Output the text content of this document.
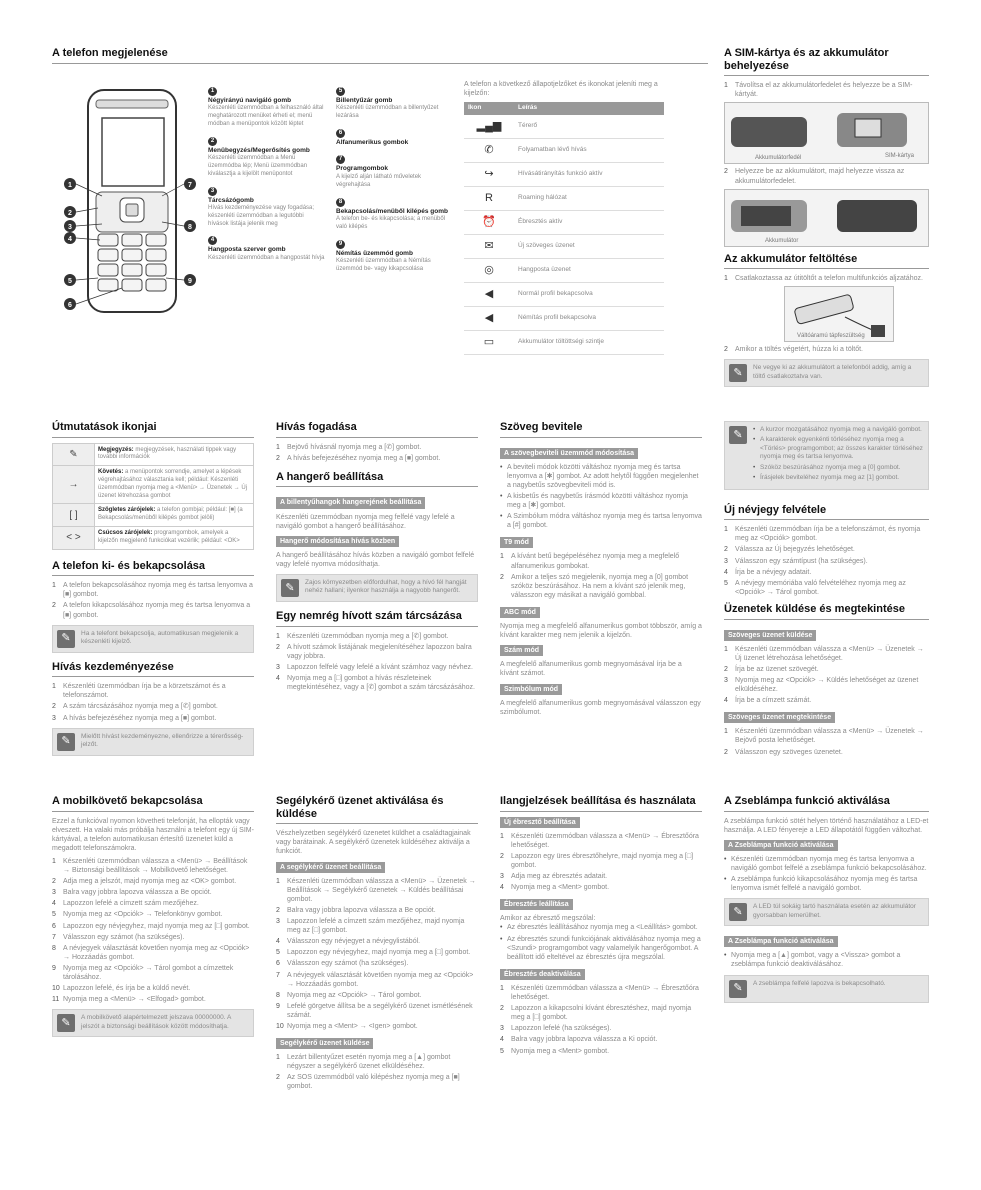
A telefon megjelenése
1
2
3
4
5
6
7
8
9
1
Négyirányú navigáló gomb
Készenléti üzemmódban a felhasználó által meghatározott menüket érheti el; menü módban a menüpontok között léptet
2
Menübegyzés/Megerősítés gomb
Készenléti üzemmódban a Menü üzemmódba lép; Menü üzemmódban kiválasztja a kijelölt menüpontot
3
Tárcsázógomb
Hívás kezdeményezése vagy fogadása; készenléti üzemmódban a legutóbbi hívások listája jelenik meg
4
Hangposta szerver gomb
Készenléti üzemmódban a hangpostát hívja
5
Billentyűzár gomb
Készenléti üzemmódban a billentyűzet lezárása
6
Alfanumerikus gombok
7
Programgombok
A kijelző alján látható műveletek végrehajtása
8
Bekapcsolás/menüből kilépés gomb
A telefon be- és kikapcsolása; a menüből való kilépés
9
Némítás üzemmód gomb
Készenléti üzemmódban a Némítás üzemmód be- vagy kikapcsolása
A telefon a következő állapotjelzőket és ikonokat jeleníti meg a kijelzőn:
Ikon	Leírás
▂▄▆	Térerő
✆	Folyamatban lévő hívás
↪	Hívásátirányítás funkció aktív
R	Roaming hálózat
⏰	Ébresztés aktív
✉	Új szöveges üzenet
◎	Hangposta üzenet
◀	Normál profil bekapcsolva
◀	Némítás profil bekapcsolva
▭	Akkumulátor töltöttségi szintje
A SIM-kártya és az akkumulátor behelyezése
1	Távolítsa el az akkumulátorfedelet és helyezze be a SIM-kártyát.
Akkumulátorfedél	SIM-kártya
2	Helyezze be az akkumulátort, majd helyezze vissza az akkumulátorfedelet.
Akkumulátor
Az akkumulátor feltöltése
1	Csatlakoztassa az útitöltőt a telefon multifunkciós aljzatához.
Váltóáramú tápfeszültség
2	Amikor a töltés végetért, húzza ki a töltőt.
✎	Ne vegye ki az akkumulátort a telefonból addig, amíg a töltő csatlakoztatva van.
Útmutatások ikonjai
✎	Megjegyzés: megjegyzések, használati tippek vagy további információk
→	Követés: a menüpontok sorrendje, amelyet a lépések végrehajtásához választania kell; például: Készenléti üzemmódban nyomja meg a <Menü> → Üzenetek → Új üzenet létrehozása gombot
[ ]	Szögletes zárójelek: a telefon gombjai; például: [■] (a Bekapcsolás/menüből kilépés gombot jelöli)
< >	Csúcsos zárójelek: programgombok, amelyek a kijelzőn megjelenő funkciókat vezérlik; például: <OK>
A telefon ki- és bekapcsolása
1	A telefon bekapcsolásához nyomja meg és tartsa lenyomva a [■] gombot.
2	A telefon kikapcsolásához nyomja meg és tartsa lenyomva a [■] gombot.
✎	Ha a telefont bekapcsolja, automatikusan megjelenik a készenléti kijelző.
Hívás kezdeményezése
1	Készenléti üzemmódban írja be a körzetszámot és a telefonszámot.
2	A szám tárcsázásához nyomja meg a [✆] gombot.
3	A hívás befejezéséhez nyomja meg a [■] gombot.
✎	Mielőtt hívást kezdeményezne, ellenőrizze a térerősség-jelzőt.
Hívás fogadása
1	Bejövő hívásnál nyomja meg a [✆] gombot.
2	A hívás befejezéséhez nyomja meg a [■] gombot.
A hangerő beállítása
A billentyűhangok hangerejének beállítása
Készenléti üzemmódban nyomja meg felfelé vagy lefelé a navigáló gombot a hangerő beállításához.
Hangerő módosítása hívás közben
A hangerő beállításához hívás közben a navigáló gombot felfelé vagy lefelé nyomva módosíthatja.
✎	Zajos környezetben előfordulhat, hogy a hívó fél hangját nehéz hallani; ilyenkor használja a nagyobb hangerőt.
Egy nemrég hívott szám tárcsázása
1	Készenléti üzemmódban nyomja meg a [✆] gombot.
2	A hívott számok listájának megjelenítéséhez lapozzon balra vagy jobbra.
3	Lapozzon felfelé vagy lefelé a kívánt számhoz vagy névhez.
4	Nyomja meg a [□] gombot a hívás részleteinek megtekintéséhez, vagy a [✆] gombot a szám tárcsázásához.
Szöveg bevitele
A szövegbeviteli üzemmód módosítása
• A beviteli módok közötti váltáshoz nyomja meg és tartsa lenyomva a [✱] gombot. Az adott helytől függően megjelenhet a nagybetűs szövegbeviteli mód is.
• A kisbetűs és nagybetűs írásmód közötti váltáshoz nyomja meg a [✱] gombot.
• A Szimbólum módra váltáshoz nyomja meg és tartsa lenyomva a [#] gombot.
T9 mód
1	A kívánt betű begépeléséhez nyomja meg a megfelelő alfanumerikus gombokat.
2	Amikor a teljes szó megjelenik, nyomja meg a [0] gombot szóköz beszúrásához. Ha nem a kívánt szó jelenik meg, válasszon egy másikat a navigáló gombbal.
ABC mód
Nyomja meg a megfelelő alfanumerikus gombot többször, amíg a kívánt karakter meg nem jelenik a kijelzőn.
Szám mód
A megfelelő alfanumerikus gomb megnyomásával írja be a kívánt számot.
Szimbólum mód
A megfelelő alfanumerikus gomb megnyomásával válasszon egy szimbólumot.
✎	• A kurzor mozgatásához nyomja meg a navigáló gombot.
• A karakterek egyenkénti törléséhez nyomja meg a <Törlés> programgombot; az összes karakter törléséhez nyomja meg és tartsa lenyomva.
• Szóköz beszúrásához nyomja meg a [0] gombot.
• Írásjelek beviteléhez nyomja meg az [1] gombot.
Új névjegy felvétele
1	Készenléti üzemmódban írja be a telefonszámot, és nyomja meg az <Opciók> gombot.
2	Válassza az Új bejegyzés lehetőséget.
3	Válasszon egy számtípust (ha szükséges).
4	Írja be a névjegy adatait.
5	A névjegy memóriába való felvételéhez nyomja meg az <Opciók> → Tárol gombot.
Üzenetek küldése és megtekintése
Szöveges üzenet küldése
1	Készenléti üzemmódban válassza a <Menü> → Üzenetek → Új üzenet létrehozása lehetőséget.
2	Írja be az üzenet szövegét.
3	Nyomja meg az <Opciók> → Küldés lehetőséget az üzenet elküldéséhez.
4	Írja be a címzett számát.
Szöveges üzenet megtekintése
1	Készenléti üzemmódban válassza a <Menü> → Üzenetek → Bejövő posta lehetőséget.
2	Válasszon egy szöveges üzenetet.
A mobilkövető bekapcsolása
Ezzel a funkcióval nyomon követheti telefonját, ha ellopták vagy elveszett. Ha valaki más próbálja használni a telefont egy új SIM-kártyával, a telefon automatikusan értesítő üzenetet küld a megadott telefonszámokra.
1	Készenléti üzemmódban válassza a <Menü> → Beállítások → Biztonsági beállítások → Mobilkövető lehetőséget.
2	Adja meg a jelszót, majd nyomja meg az <OK> gombot.
3	Balra vagy jobbra lapozva válassza a Be opciót.
4	Lapozzon lefelé a címzett szám mezőjéhez.
5	Nyomja meg az <Opciók> → Telefonkönyv gombot.
6	Lapozzon egy névjegyhez, majd nyomja meg az [□] gombot.
7	Válasszon egy számot (ha szükséges).
8	A névjegyek választását követően nyomja meg az <Opciók> → Hozzáadás gombot.
9	Nyomja meg az <Opciók> → Tárol gombot a címzettek tárolásához.
10 Lapozzon lefelé, és írja be a küldő nevét.
11 Nyomja meg a <Menü> → <Elfogad> gombot.
✎	A mobilkövető alapértelmezett jelszava 00000000. A jelszót a biztonsági beállítások között módosíthatja.
Segélykérő üzenet aktiválása és küldése
Vészhelyzetben segélykérő üzenetet küldhet a családtagjainak vagy barátainak. A segélykérő üzenetek küldéséhez aktiválja a funkciót.
A segélykérő üzenet beállítása
1	Készenléti üzemmódban válassza a <Menü> → Üzenetek → Beállítások → Segélykérő üzenetek → Küldés beállításai gombot.
2	Balra vagy jobbra lapozva válassza a Be opciót.
3	Lapozzon lefelé a címzett szám mezőjéhez, majd nyomja meg az [□] gombot.
4	Válasszon egy névjegyet a névjegylistából.
5	Lapozzon egy névjegyhez, majd nyomja meg a [□] gombot.
6	Válasszon egy számot (ha szükséges).
7	A névjegyek választását követően nyomja meg az <Opciók> → Hozzáadás gombot.
8	Nyomja meg az <Opciók> → Tárol gombot.
9	Lefelé görgetve állítsa be a segélykérő üzenet ismétlésének számát.
10 Nyomja meg a <Ment> → <Igen> gombot.
Segélykérő üzenet küldése
1	Lezárt billentyűzet esetén nyomja meg a [▲] gombot négyszer a segélykérő üzenet elküldéséhez.
2	Az SOS üzemmódból való kilépéshez nyomja meg a [■] gombot.
Ilangjelzések beállítása és használata
Új ébresztő beállítása
1	Készenléti üzemmódban válassza a <Menü> → Ébresztőóra lehetőséget.
2	Lapozzon egy üres ébresztőhelyre, majd nyomja meg a [□] gombot.
3	Adja meg az ébresztés adatait.
4	Nyomja meg a <Ment> gombot.
Ébresztés leállítása
Amikor az ébresztő megszólal:
• Az ébresztés leállításához nyomja meg a <Leállítás> gombot.
• Az ébresztés szundi funkciójának aktiválásához nyomja meg a <Szundi> programgombot vagy valamelyik hangerőgombot. A beállított idő elteltével az ébresztés újra megszólal.
Ébresztés deaktiválása
1	Készenléti üzemmódban válassza a <Menü> → Ébresztőóra lehetőséget.
2	Lapozzon a kikapcsolni kívánt ébresztéshez, majd nyomja meg a [□] gombot.
3	Lapozzon lefelé (ha szükséges).
4	Balra vagy jobbra lapozva válassza a Ki opciót.
5	Nyomja meg a <Ment> gombot.
A Zseblámpa funkció aktiválása
A zseblámpa funkció sötét helyen történő használatához a LED-et használja. A LED fényereje a LED állapotától függően változhat.
A Zseblámpa funkció aktiválása
• Készenléti üzemmódban nyomja meg és tartsa lenyomva a navigáló gombot felfelé a zseblámpa funkció bekapcsolásához.
• A zseblámpa funkció kikapcsolásához nyomja meg és tartsa lenyomva ismét felfelé a navigáló gombot.
✎	A LED túl sokáig tartó használata esetén az akkumulátor gyorsabban lemerülhet.
A Zseblámpa funkció aktiválása
• Nyomja meg a [▲] gombot, vagy a <Vissza> gombot a zseblámpa funkció deaktiválásához.
✎	A zseblámpa felfelé lapozva is bekapcsolható.
